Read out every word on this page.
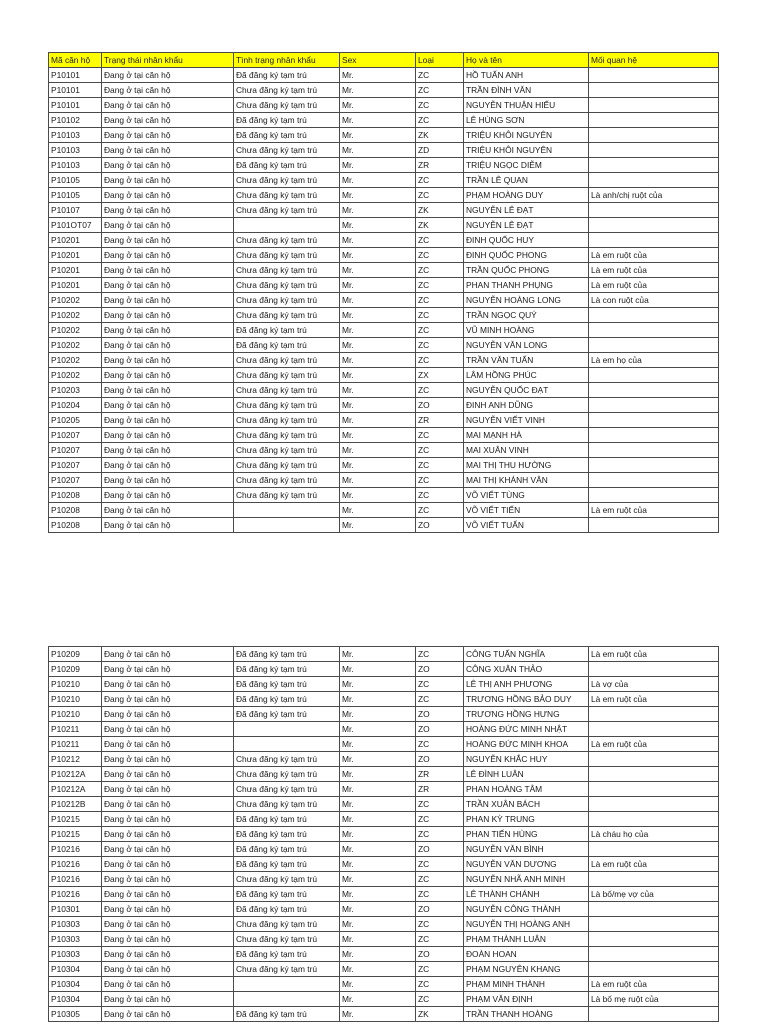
Mã căn hộ	Trạng thái nhân khẩu	Tình trạng nhân khẩu	Sex	Loại	Họ và tên	Mối quan hệ
P10101	Đang ở tại căn hộ	Đã đăng ký tạm trú	Mr.	ZC	HỒ TUẤN ANH	
P10101	Đang ở tại căn hộ	Chưa đăng ký tạm trú	Mr.	ZC	TRẦN ĐÌNH VĂN	
P10101	Đang ở tại căn hộ	Chưa đăng ký tạm trú	Mr.	ZC	NGUYỄN THUẬN HIẾU	
P10102	Đang ở tại căn hộ	Đã đăng ký tạm trú	Mr.	ZC	LÊ HÙNG SƠN	
P10103	Đang ở tại căn hộ	Đã đăng ký tạm trú	Mr.	ZK	TRIỆU KHÔI NGUYÊN	
P10103	Đang ở tại căn hộ	Chưa đăng ký tạm trú	Mr.	ZD	TRIỆU KHÔI NGUYÊN	
P10103	Đang ở tại căn hộ	Đã đăng ký tạm trú	Mr.	ZR	TRIỆU NGỌC DIỄM	
P10105	Đang ở tại căn hộ	Chưa đăng ký tạm trú	Mr.	ZC	TRẦN LÊ QUAN	
P10105	Đang ở tại căn hộ	Chưa đăng ký tạm trú	Mr.	ZC	PHẠM HOÀNG DUY	Là anh/chị ruột của
P10107	Đang ở tại căn hộ	Chưa đăng ký tạm trú	Mr.	ZK	NGUYỄN LÊ ĐẠT	
P101OT07	Đang ở tại căn hộ		Mr.	ZK	NGUYỄN LÊ ĐẠT	
P10201	Đang ở tại căn hộ	Chưa đăng ký tạm trú	Mr.	ZC	ĐINH QUỐC HUY	
P10201	Đang ở tại căn hộ	Chưa đăng ký tạm trú	Mr.	ZC	ĐINH QUỐC PHONG	Là em ruột của
P10201	Đang ở tại căn hộ	Chưa đăng ký tạm trú	Mr.	ZC	TRẦN QUỐC PHONG	Là em ruột của
P10201	Đang ở tại căn hộ	Chưa đăng ký tạm trú	Mr.	ZC	PHAN THANH PHỤNG	Là em ruột của
P10202	Đang ở tại căn hộ	Chưa đăng ký tạm trú	Mr.	ZC	NGUYỄN HOÀNG LONG	Là con ruột của
P10202	Đang ở tại căn hộ	Chưa đăng ký tạm trú	Mr.	ZC	TRẦN NGỌC QUÝ	
P10202	Đang ở tại căn hộ	Đã đăng ký tạm trú	Mr.	ZC	VŨ MINH HOÀNG	
P10202	Đang ở tại căn hộ	Đã đăng ký tạm trú	Mr.	ZC	NGUYỄN VĂN LONG	
P10202	Đang ở tại căn hộ	Chưa đăng ký tạm trú	Mr.	ZC	TRẦN VĂN TUẤN	Là em họ của
P10202	Đang ở tại căn hộ	Chưa đăng ký tạm trú	Mr.	ZX	LÂM HỒNG PHÚC	
P10203	Đang ở tại căn hộ	Chưa đăng ký tạm trú	Mr.	ZC	NGUYỄN QUỐC ĐẠT	
P10204	Đang ở tại căn hộ	Chưa đăng ký tạm trú	Mr.	ZO	ĐINH ANH DŨNG	
P10205	Đang ở tại căn hộ	Chưa đăng ký tạm trú	Mr.	ZR	NGUYỄN VIẾT VINH	
P10207	Đang ở tại căn hộ	Chưa đăng ký tạm trú	Mr.	ZC	MAI MẠNH HÀ	
P10207	Đang ở tại căn hộ	Chưa đăng ký tạm trú	Mr.	ZC	MAI XUÂN VINH	
P10207	Đang ở tại căn hộ	Chưa đăng ký tạm trú	Mr.	ZC	MAI THỊ THU HƯỜNG	
P10207	Đang ở tại căn hộ	Chưa đăng ký tạm trú	Mr.	ZC	MAI THỊ KHÁNH VÂN	
P10208	Đang ở tại căn hộ	Chưa đăng ký tạm trú	Mr.	ZC	VÕ VIẾT TÙNG	
P10208	Đang ở tại căn hộ		Mr.	ZC	VÕ VIẾT TIẾN	Là em ruột của
P10208	Đang ở tại căn hộ		Mr.	ZO	VÕ VIẾT TUẤN	
P10209	Đang ở tại căn hộ	Đã đăng ký tạm trú	Mr.	ZC	CÔNG TUẤN NGHĨA	Là em ruột của
P10209	Đang ở tại căn hộ	Đã đăng ký tạm trú	Mr.	ZO	CÔNG XUÂN THẢO	
P10210	Đang ở tại căn hộ	Đã đăng ký tạm trú	Mr.	ZC	LÊ THỊ ANH PHƯƠNG	Là vợ của
P10210	Đang ở tại căn hộ	Đã đăng ký tạm trú	Mr.	ZC	TRƯƠNG HỒNG BẢO DUY	Là em ruột của
P10210	Đang ở tại căn hộ	Đã đăng ký tạm trú	Mr.	ZO	TRƯƠNG HỒNG HƯNG	
P10211	Đang ở tại căn hộ		Mr.	ZO	HOÀNG ĐỨC MINH NHẬT	
P10211	Đang ở tại căn hộ		Mr.	ZC	HOÀNG ĐỨC MINH KHOA	Là em ruột của
P10212	Đang ở tại căn hộ	Chưa đăng ký tạm trú	Mr.	ZO	NGUYỄN KHẮC HUY	
P10212A	Đang ở tại căn hộ	Chưa đăng ký tạm trú	Mr.	ZR	LÊ ĐÌNH LUÂN	
P10212A	Đang ở tại căn hộ	Chưa đăng ký tạm trú	Mr.	ZR	PHAN HOÀNG TÂM	
P10212B	Đang ở tại căn hộ	Chưa đăng ký tạm trú	Mr.	ZC	TRẦN XUÂN BÁCH	
P10215	Đang ở tại căn hộ	Đã đăng ký tạm trú	Mr.	ZC	PHAN KỲ TRUNG	
P10215	Đang ở tại căn hộ	Đã đăng ký tạm trú	Mr.	ZC	PHAN TIẾN HÙNG	Là cháu họ của
P10216	Đang ở tại căn hộ	Đã đăng ký tạm trú	Mr.	ZO	NGUYỄN VĂN BÌNH	
P10216	Đang ở tại căn hộ	Đã đăng ký tạm trú	Mr.	ZC	NGUYỄN VĂN DƯƠNG	Là em ruột của
P10216	Đang ở tại căn hộ	Chưa đăng ký tạm trú	Mr.	ZC	NGUYỄN NHÃ ANH MINH	
P10216	Đang ở tại căn hộ	Đã đăng ký tạm trú	Mr.	ZC	LÊ THÀNH CHÁNH	Là bố/mẹ vợ của
P10301	Đang ở tại căn hộ	Đã đăng ký tạm trú	Mr.	ZO	NGUYỄN CÔNG THÀNH	
P10303	Đang ở tại căn hộ	Chưa đăng ký tạm trú	Mr.	ZC	NGUYỄN THỊ HOÀNG ANH	
P10303	Đang ở tại căn hộ	Chưa đăng ký tạm trú	Mr.	ZC	PHẠM THÀNH LUÂN	
P10303	Đang ở tại căn hộ	Đã đăng ký tạm trú	Mr.	ZO	ĐOÀN HOAN	
P10304	Đang ở tại căn hộ	Chưa đăng ký tạm trú	Mr.	ZC	PHẠM NGUYÊN KHANG	
P10304	Đang ở tại căn hộ		Mr.	ZC	PHẠM MINH THÀNH	Là em ruột của
P10304	Đang ở tại căn hộ		Mr.	ZC	PHẠM VĂN ĐỊNH	Là bố mẹ ruột của
P10305	Đang ở tại căn hộ	Đã đăng ký tạm trú	Mr.	ZK	TRẦN THANH HOÀNG	
